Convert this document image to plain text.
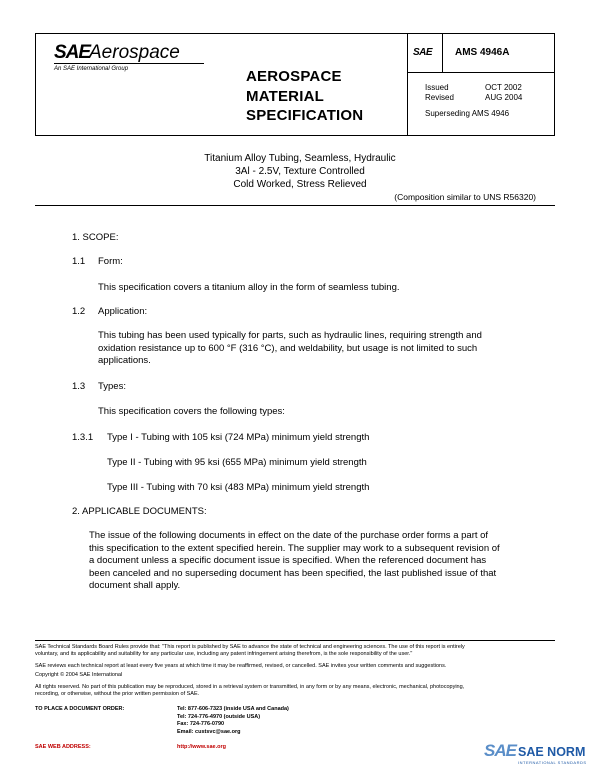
SAE
Aerospace
An SAE International Group	AEROSPACE
MATERIAL
SPECIFICATION
SAE AMS 4946A
Issued	OCT 2002
Revised	AUG 2004
Superseding AMS 4946
Titanium Alloy Tubing, Seamless, Hydraulic
3Al - 2.5V, Texture Controlled
Cold Worked, Stress Relieved
(Composition similar to UNS R56320)
1. SCOPE:
1.1 Form:
This specification covers a titanium alloy in the form of seamless tubing.
1.2 Application:
This tubing has been used typically for parts, such as hydraulic lines, requiring strength and
oxidation resistance up to 600 °F (316 °C), and weldability, but usage is not limited to such
applications.
1.3 Types:
This specification covers the following types:
1.3.1 Type I - Tubing with 105 ksi (724 MPa) minimum yield strength
Type II - Tubing with 95 ksi (655 MPa) minimum yield strength
Type III - Tubing with 70 ksi (483 MPa) minimum yield strength
2. APPLICABLE DOCUMENTS:
The issue of the following documents in effect on the date of the purchase order forms a part of
this specification to the extent specified herein. The supplier may work to a subsequent revision of
a document unless a specific document issue is specified. When the referenced document has
been canceled and no superseding document has been specified, the last published issue of that
document shall apply.
SAE Technical Standards Board Rules provide that: "This report is published by SAE to advance the state of technical and engineering sciences. The use of this report is entirely
voluntary, and its applicability and suitability for any particular use, including any patent infringement arising therefrom, is the sole responsibility of the user."
SAE reviews each technical report at least every five years at which time it may be reaffirmed, revised, or cancelled. SAE invites your written comments and suggestions.
Copyright © 2004 SAE International
All rights reserved. No part of this publication may be reproduced, stored in a retrieval system or transmitted, in any form or by any means, electronic, mechanical, photocopying,
recording, or otherwise, without the prior written permission of SAE.
TO PLACE A DOCUMENT ORDER:	Tel: 877-606-7323 (inside USA and Canada)
Tel: 724-776-4970 (outside USA)
Fax: 724-776-0790
Email: custsvc@sae.org
SAE WEB ADDRESS:	http://www.sae.org	SAE SAE NORM
INTERNATIONAL STANDARDS
